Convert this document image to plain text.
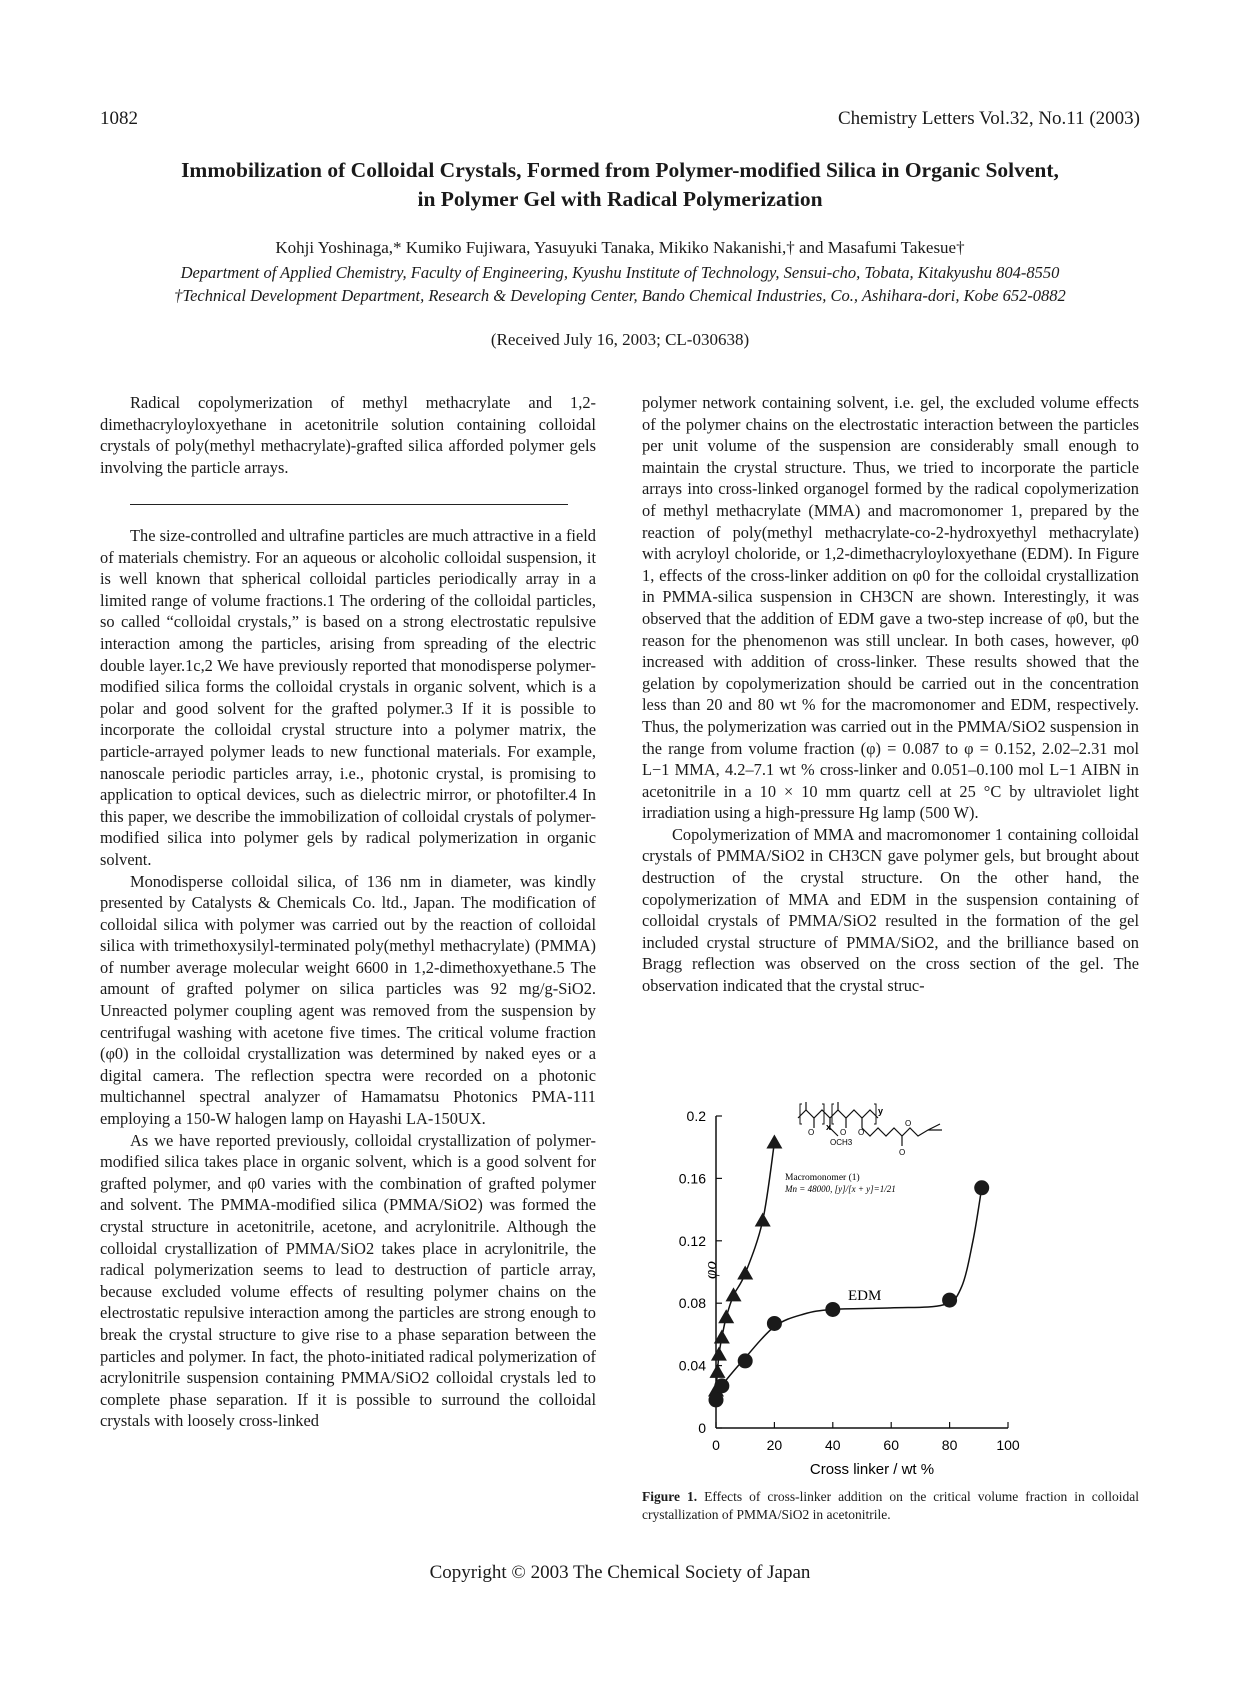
1082	Chemistry Letters Vol.32, No.11 (2003)
Immobilization of Colloidal Crystals, Formed from Polymer-modified Silica in Organic Solvent,
in Polymer Gel with Radical Polymerization
Kohji Yoshinaga,* Kumiko Fujiwara, Yasuyuki Tanaka, Mikiko Nakanishi,† and Masafumi Takesue†
Department of Applied Chemistry, Faculty of Engineering, Kyushu Institute of Technology, Sensui-cho, Tobata, Kitakyushu 804-8550
†Technical Development Department, Research & Developing Center, Bando Chemical Industries, Co., Ashihara-dori, Kobe 652-0882
(Received July 16, 2003; CL-030638)

Radical copolymerization of methyl methacrylate and 1,2-dimethacryloyloxyethane in acetonitrile solution containing colloidal crystals of poly(methyl methacrylate)-grafted silica afforded polymer gels involving the particle arrays.

The size-controlled and ultrafine particles are much attractive in a field of materials chemistry. For an aqueous or alcoholic colloidal suspension, it is well known that spherical colloidal particles periodically array in a limited range of volume fractions.1 The ordering of the colloidal particles, so called “colloidal crystals,” is based on a strong electrostatic repulsive interaction among the particles, arising from spreading of the electric double layer.1c,2 We have previously reported that monodisperse polymer-modified silica forms the colloidal crystals in organic solvent, which is a polar and good solvent for the grafted polymer.3 If it is possible to incorporate the colloidal crystal structure into a polymer matrix, the particle-arrayed polymer leads to new functional materials. For example, nanoscale periodic particles array, i.e., photonic crystal, is promising to application to optical devices, such as dielectric mirror, or photofilter.4 In this paper, we describe the immobilization of colloidal crystals of polymer-modified silica into polymer gels by radical polymerization in organic solvent.

Monodisperse colloidal silica, of 136 nm in diameter, was kindly presented by Catalysts & Chemicals Co. ltd., Japan. The modification of colloidal silica with polymer was carried out by the reaction of colloidal silica with trimethoxysilyl-terminated poly(methyl methacrylate) (PMMA) of number average molecular weight 6600 in 1,2-dimethoxyethane.5 The amount of grafted polymer on silica particles was 92 mg/g-SiO2. Unreacted polymer coupling agent was removed from the suspension by centrifugal washing with acetone five times. The critical volume fraction (φ0) in the colloidal crystallization was determined by naked eyes or a digital camera. The reflection spectra were recorded on a photonic multichannel spectral analyzer of Hamamatsu Photonics PMA-111 employing a 150-W halogen lamp on Hayashi LA-150UX.

As we have reported previously, colloidal crystallization of polymer-modified silica takes place in organic solvent, which is a good solvent for grafted polymer, and φ0 varies with the combination of grafted polymer and solvent. The PMMA-modified silica (PMMA/SiO2) was formed the crystal structure in acetonitrile, acetone, and acrylonitrile. Although the colloidal crystallization of PMMA/SiO2 takes place in acrylonitrile, the radical polymerization seems to lead to destruction of particle array, because excluded volume effects of resulting polymer chains on the electrostatic repulsive interaction among the particles are strong enough to break the crystal structure to give rise to a phase separation between the particles and polymer. In fact, the photo-initiated radical polymerization of acrylonitrile suspension containing PMMA/SiO2 colloidal crystals led to complete phase separation. If it is possible to surround the colloidal crystals with loosely cross-linked

polymer network containing solvent, i.e. gel, the excluded volume effects of the polymer chains on the electrostatic interaction between the particles per unit volume of the suspension are considerably small enough to maintain the crystal structure. Thus, we tried to incorporate the particle arrays into cross-linked organogel formed by the radical copolymerization of methyl methacrylate (MMA) and macromonomer 1, prepared by the reaction of poly(methyl methacrylate-co-2-hydroxyethyl methacrylate) with acryloyl choloride, or 1,2-dimethacryloyloxyethane (EDM). In Figure 1, effects of the cross-linker addition on φ0 for the colloidal crystallization in PMMA-silica suspension in CH3CN are shown. Interestingly, it was observed that the addition of EDM gave a two-step increase of φ0, but the reason for the phenomenon was still unclear. In both cases, however, φ0 increased with addition of cross-linker. These results showed that the gelation by copolymerization should be carried out in the concentration less than 20 and 80 wt % for the macromonomer and EDM, respectively. Thus, the polymerization was carried out in the PMMA/SiO2 suspension in the range from volume fraction (φ) = 0.087 to φ = 0.152, 2.02–2.31 mol L−1 MMA, 4.2–7.1 wt % cross-linker and 0.051–0.100 mol L−1 AIBN in acetonitrile in a 10 × 10 mm quartz cell at 25 °C by ultraviolet light irradiation using a high-pressure Hg lamp (500 W).

Copolymerization of MMA and macromonomer 1 containing colloidal crystals of PMMA/SiO2 in CH3CN gave polymer gels, but brought about destruction of the crystal structure. On the other hand, the copolymerization of MMA and EDM in the suspension containing of colloidal crystals of PMMA/SiO2 resulted in the formation of the gel included crystal structure of PMMA/SiO2, and the brilliance based on Bragg reflection was observed on the cross section of the gel. The observation indicated that the crystal struc-

0	20	40	60	80	100
0
0.04
0.08
0.12
0.16
0.2
x
y
O
OCH3
O O
O
O
Macromonomer (1)
Mn = 48000, [y]/[x + y]=1/21
EDM
Cross linker / wt %
φo
Figure 1. Effects of cross-linker addition on the critical volume fraction in colloidal crystallization of PMMA/SiO2 in acetonitrile.
Copyright © 2003 The Chemical Society of Japan
